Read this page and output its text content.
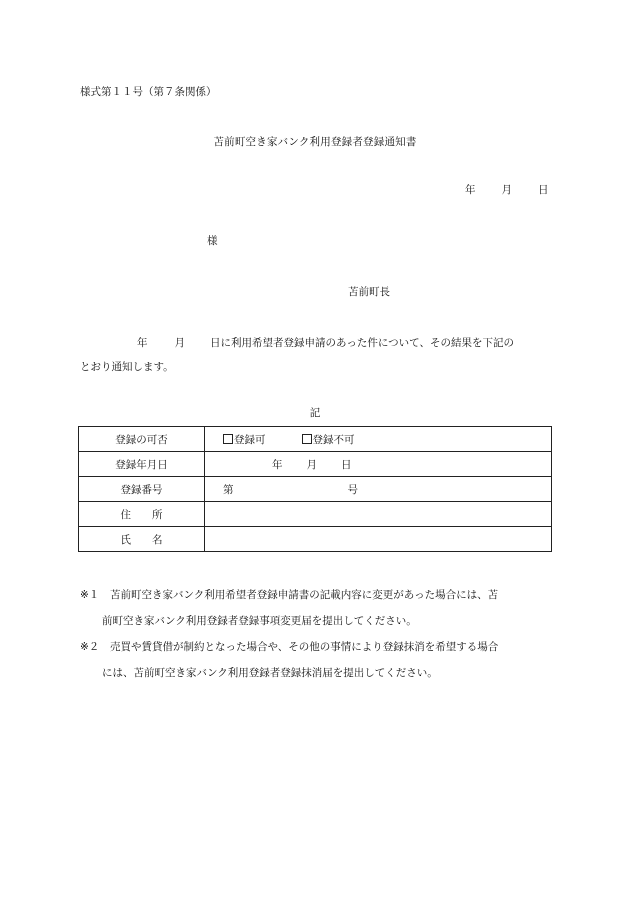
様式第１１号（第７条関係）
苫前町空き家バンク利用登録者登録通知書
年 月 日
様
苫前町長
年	月 日に利用希望者登録申請のあった件について、その結果を下記の
とおり通知します。
記
登録の可否	登録可 登録不可
登録年月日	年 月 日
登録番号	第 号
住　　所	
氏　　名	
※１ 苫前町空き家バンク利用希望者登録申請書の記載内容に変更があった場合には、苫
前町空き家バンク利用登録者登録事項変更届を提出してください。
※２ 売買や賃貸借が制約となった場合や、その他の事情により登録抹消を希望する場合
には、苫前町空き家バンク利用登録者登録抹消届を提出してください。
